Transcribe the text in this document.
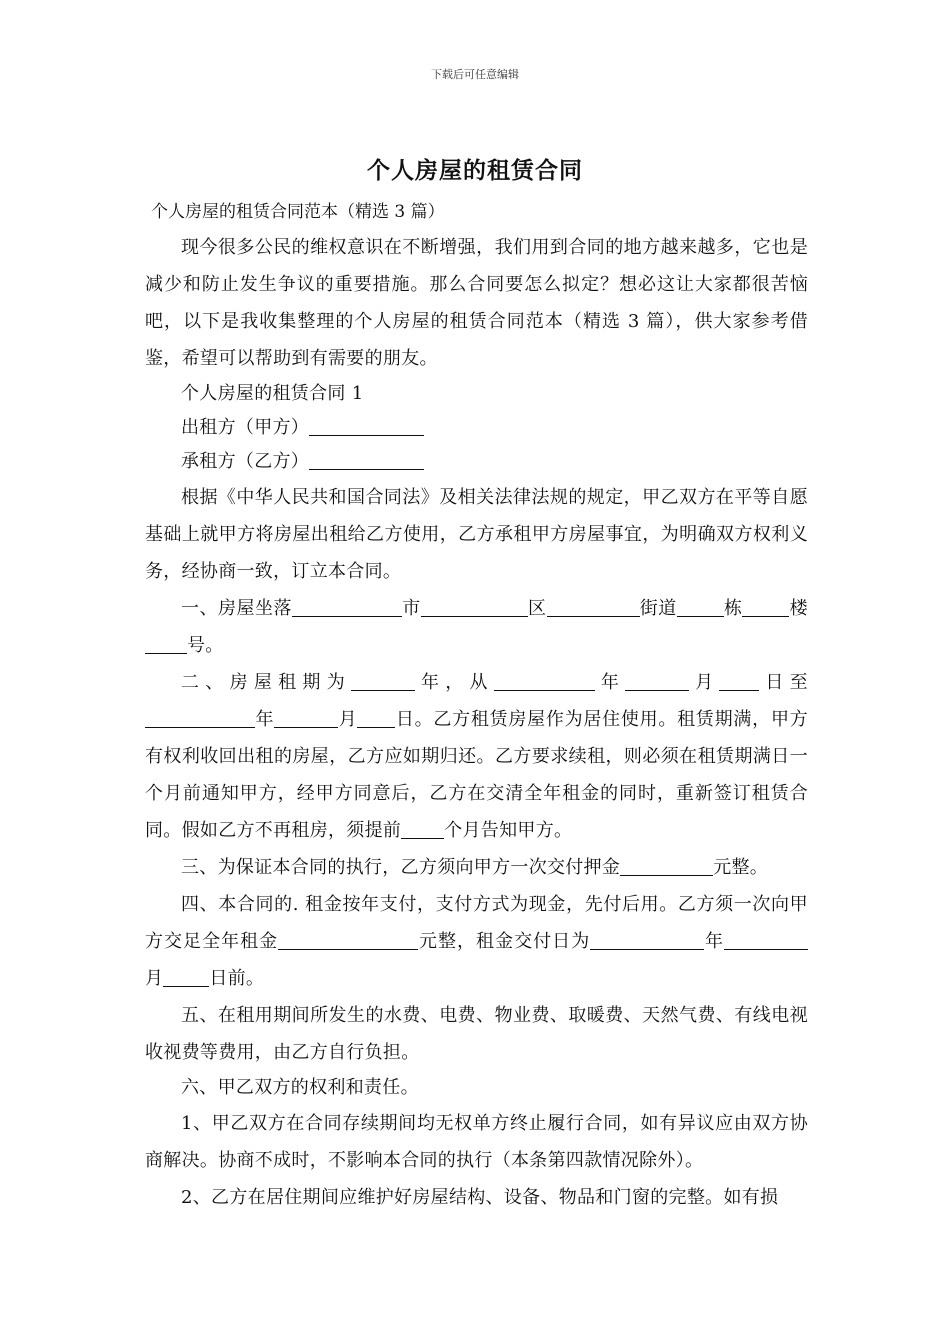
下载后可任意编辑
个人房屋的租赁合同

个人房屋的租赁合同范本（精选 3 篇）

现今很多公民的维权意识在不断增强，我们用到合同的地方越来越多，它也是减少和防止发生争议的重要措施。那么合同要怎么拟定？想必这让大家都很苦恼吧，以下是我收集整理的个人房屋的租赁合同范本（精选 3 篇），供大家参考借鉴，希望可以帮助到有需要的朋友。

个人房屋的租赁合同 1

出租方（甲方）

承租方（乙方）

根据《中华人民共和国合同法》及相关法律法规的规定，甲乙双方在平等自愿基础上就甲方将房屋出租给乙方使用，乙方承租甲方房屋事宜，为明确双方权利义务，经协商一致，订立本合同。

一、房屋坐落	市	区	街道	栋	楼号。

二、房屋租期为	年，从	年	月 日至年	月 日。乙方租赁房屋作为居住使用。租赁期满，甲方有权利收回出租的房屋，乙方应如期归还。乙方要求续租，则必须在租赁期满日一个月前通知甲方，经甲方同意后，乙方在交清全年租金的同时，重新签订租赁合同。假如乙方不再租房，须提前 个月告知甲方。

三、为保证本合同的执行，乙方须向甲方一次交付押金	元整。

四、本合同的. 租金按年支付，支付方式为现金，先付后用。乙方须一次向甲方交足全年租金	元整，租金交付日为	年月	日前。

五、在租用期间所发生的水费、电费、物业费、取暖费、天然气费、有线电视收视费等费用，由乙方自行负担。

六、甲乙双方的权利和责任。

1、甲乙双方在合同存续期间均无权单方终止履行合同，如有异议应由双方协商解决。协商不成时，不影响本合同的执行（本条第四款情况除外）。

2、乙方在居住期间应维护好房屋结构、设备、物品和门窗的完整。如有损
